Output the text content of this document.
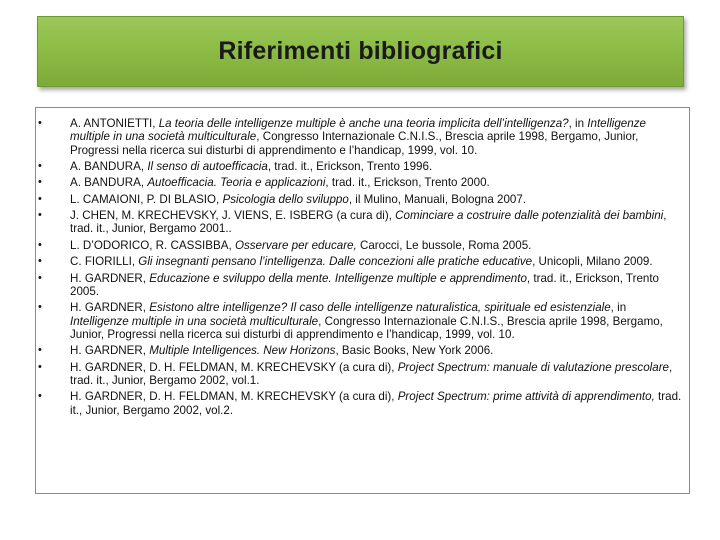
Riferimenti bibliografici
• A. ANTONIETTI, La teoria delle intelligenze multiple è anche una teoria implicita dell’intelligenza?, in Intelligenze multiple in una società multiculturale, Congresso Internazionale C.N.I.S., Brescia aprile 1998, Bergamo, Junior, Progressi nella ricerca sui disturbi di apprendimento e l’handicap, 1999, vol. 10.
• A. BANDURA, Il senso di autoefficacia, trad. it., Erickson, Trento 1996.
• A. BANDURA, Autoefficacia. Teoria e applicazioni, trad. it., Erickson, Trento 2000.
• L. CAMAIONI, P. DI BLASIO, Psicologia dello sviluppo, il Mulino, Manuali, Bologna 2007.
• J. CHEN, M. KRECHEVSKY, J. VIENS, E. ISBERG (a cura di), Cominciare a costruire dalle potenzialità dei bambini, trad. it., Junior, Bergamo 2001..
• L. D’ODORICO, R. CASSIBBA, Osservare per educare, Carocci, Le bussole, Roma 2005.
• C. FIORILLI, Gli insegnanti pensano l’intelligenza. Dalle concezioni alle pratiche educative, Unicopli, Milano 2009.
• H. GARDNER, Educazione e sviluppo della mente. Intelligenze multiple e apprendimento, trad. it., Erickson, Trento 2005.
• H. GARDNER, Esistono altre intelligenze? Il caso delle intelligenze naturalistica, spirituale ed esistenziale, in Intelligenze multiple in una società multiculturale, Congresso Internazionale C.N.I.S., Brescia aprile 1998, Bergamo, Junior, Progressi nella ricerca sui disturbi di apprendimento e l’handicap, 1999, vol. 10.
• H. GARDNER, Multiple Intelligences. New Horizons, Basic Books, New York 2006.
• H. GARDNER, D. H. FELDMAN, M. KRECHEVSKY (a cura di), Project Spectrum: manuale di valutazione prescolare, trad. it., Junior, Bergamo 2002, vol.1.
• H. GARDNER, D. H. FELDMAN, M. KRECHEVSKY (a cura di), Project Spectrum: prime attività di apprendimento, trad. it., Junior, Bergamo 2002, vol.2.
